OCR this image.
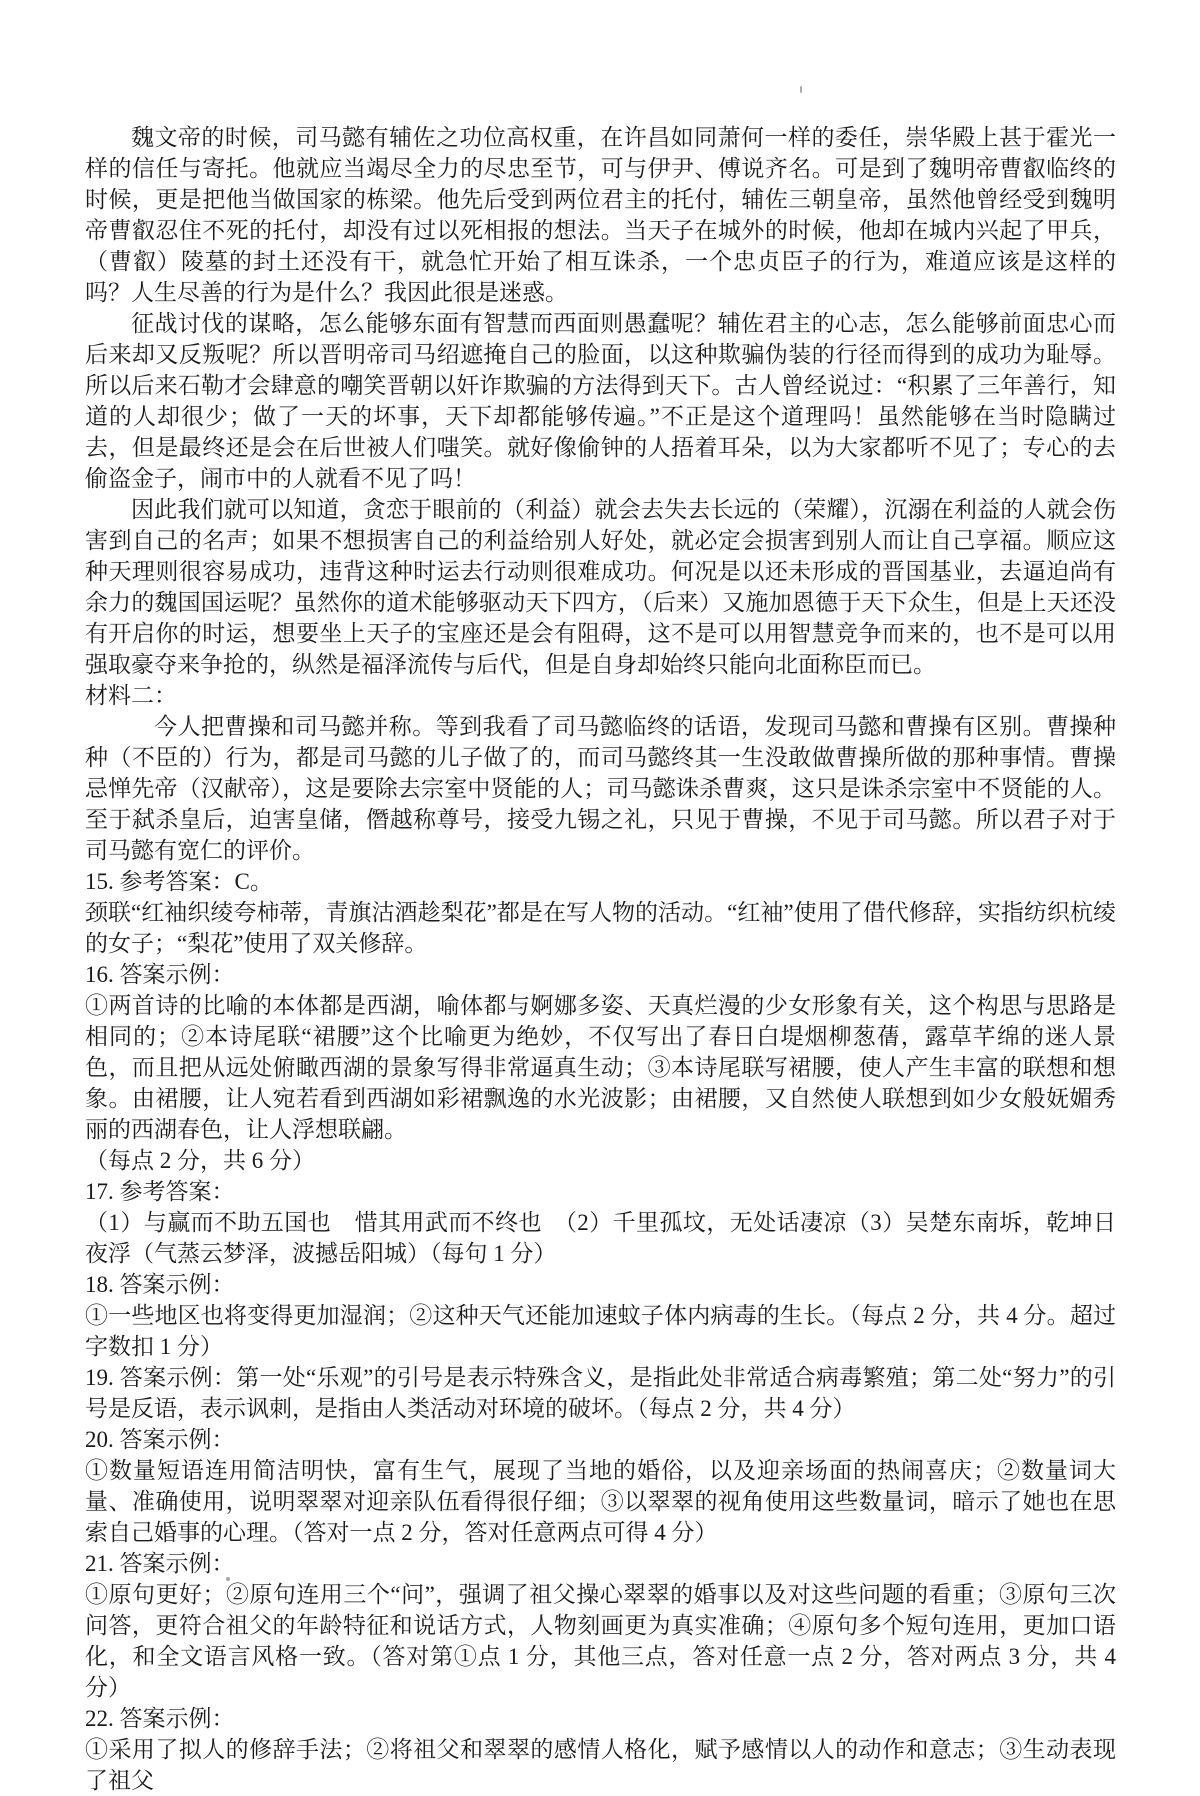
魏文帝的时候，司马懿有辅佐之功位高权重，在许昌如同萧何一样的委任，崇华殿上甚于霍光一样的信任与寄托。他就应当竭尽全力的尽忠至节，可与伊尹、傅说齐名。可是到了魏明帝曹叡临终的时候，更是把他当做国家的栋梁。他先后受到两位君主的托付，辅佐三朝皇帝，虽然他曾经受到魏明帝曹叡忍住不死的托付，却没有过以死相报的想法。当天子在城外的时候，他却在城内兴起了甲兵，（曹叡）陵墓的封土还没有干，就急忙开始了相互诛杀，一个忠贞臣子的行为，难道应该是这样的吗？人生尽善的行为是什么？我因此很是迷惑。

征战讨伐的谋略，怎么能够东面有智慧而西面则愚蠢呢？辅佐君主的心志，怎么能够前面忠心而后来却又反叛呢？所以晋明帝司马绍遮掩自己的脸面，以这种欺骗伪装的行径而得到的成功为耻辱。所以后来石勒才会肆意的嘲笑晋朝以奸诈欺骗的方法得到天下。古人曾经说过：“积累了三年善行，知道的人却很少；做了一天的坏事，天下却都能够传遍。”不正是这个道理吗！虽然能够在当时隐瞒过去，但是最终还是会在后世被人们嗤笑。就好像偷钟的人捂着耳朵，以为大家都听不见了；专心的去偷盗金子，闹市中的人就看不见了吗！

因此我们就可以知道，贪恋于眼前的（利益）就会去失去长远的（荣耀），沉溺在利益的人就会伤害到自己的名声；如果不想损害自己的利益给别人好处，就必定会损害到别人而让自己享福。顺应这种天理则很容易成功，违背这种时运去行动则很难成功。何况是以还未形成的晋国基业，去逼迫尚有余力的魏国国运呢？虽然你的道术能够驱动天下四方，（后来）又施加恩德于天下众生，但是上天还没有开启你的时运，想要坐上天子的宝座还是会有阻碍，这不是可以用智慧竞争而来的，也不是可以用强取豪夺来争抢的，纵然是福泽流传与后代，但是自身却始终只能向北面称臣而已。

材料二：

今人把曹操和司马懿并称。等到我看了司马懿临终的话语，发现司马懿和曹操有区别。曹操种种（不臣的）行为，都是司马懿的儿子做了的，而司马懿终其一生没敢做曹操所做的那种事情。曹操忌惮先帝（汉献帝），这是要除去宗室中贤能的人；司马懿诛杀曹爽，这只是诛杀宗室中不贤能的人。至于弑杀皇后，迫害皇储，僭越称尊号，接受九锡之礼，只见于曹操，不见于司马懿。所以君子对于司马懿有宽仁的评价。

15. 参考答案：C。

颈联“红袖织绫夸柿蒂，青旗沽酒趁梨花”都是在写人物的活动。“红袖”使用了借代修辞，实指纺织杭绫的女子；“梨花”使用了双关修辞。

16. 答案示例：

①两首诗的比喻的本体都是西湖，喻体都与婀娜多姿、天真烂漫的少女形象有关，这个构思与思路是相同的；②本诗尾联“裙腰”这个比喻更为绝妙，不仅写出了春日白堤烟柳葱蒨，露草芊绵的迷人景色，而且把从远处俯瞰西湖的景象写得非常逼真生动；③本诗尾联写裙腰，使人产生丰富的联想和想象。由裙腰，让人宛若看到西湖如彩裙飘逸的水光波影；由裙腰，又自然使人联想到如少女般妩媚秀丽的西湖春色，让人浮想联翩。

（每点 2 分，共 6 分）

17. 参考答案：

（1）与赢而不助五国也　惜其用武而不终也　（2）千里孤坟，无处话凄凉（3）吴楚东南坼，乾坤日夜浮（气蒸云梦泽，波撼岳阳城）（每句 1 分）

18. 答案示例：

①一些地区也将变得更加湿润；②这种天气还能加速蚊子体内病毒的生长。（每点 2 分，共 4 分。超过字数扣 1 分）

19. 答案示例：第一处“乐观”的引号是表示特殊含义，是指此处非常适合病毒繁殖；第二处“努力”的引号是反语，表示讽刺，是指由人类活动对环境的破坏。（每点 2 分，共 4 分）

20. 答案示例：

①数量短语连用简洁明快，富有生气，展现了当地的婚俗，以及迎亲场面的热闹喜庆；②数量词大量、准确使用，说明翠翠对迎亲队伍看得很仔细；③以翠翠的视角使用这些数量词，暗示了她也在思索自己婚事的心理。（答对一点 2 分，答对任意两点可得 4 分）

21. 答案示例：

①原句更好；②原句连用三个“问”，强调了祖父操心翠翠的婚事以及对这些问题的看重；③原句三次问答，更符合祖父的年龄特征和说话方式，人物刻画更为真实准确；④原句多个短句连用，更加口语化，和全文语言风格一致。（答对第①点 1 分，其他三点，答对任意一点 2 分，答对两点 3 分，共 4 分）

22. 答案示例：

①采用了拟人的修辞手法；②将祖父和翠翠的感情人格化，赋予感情以人的动作和意志；③生动表现了祖父
